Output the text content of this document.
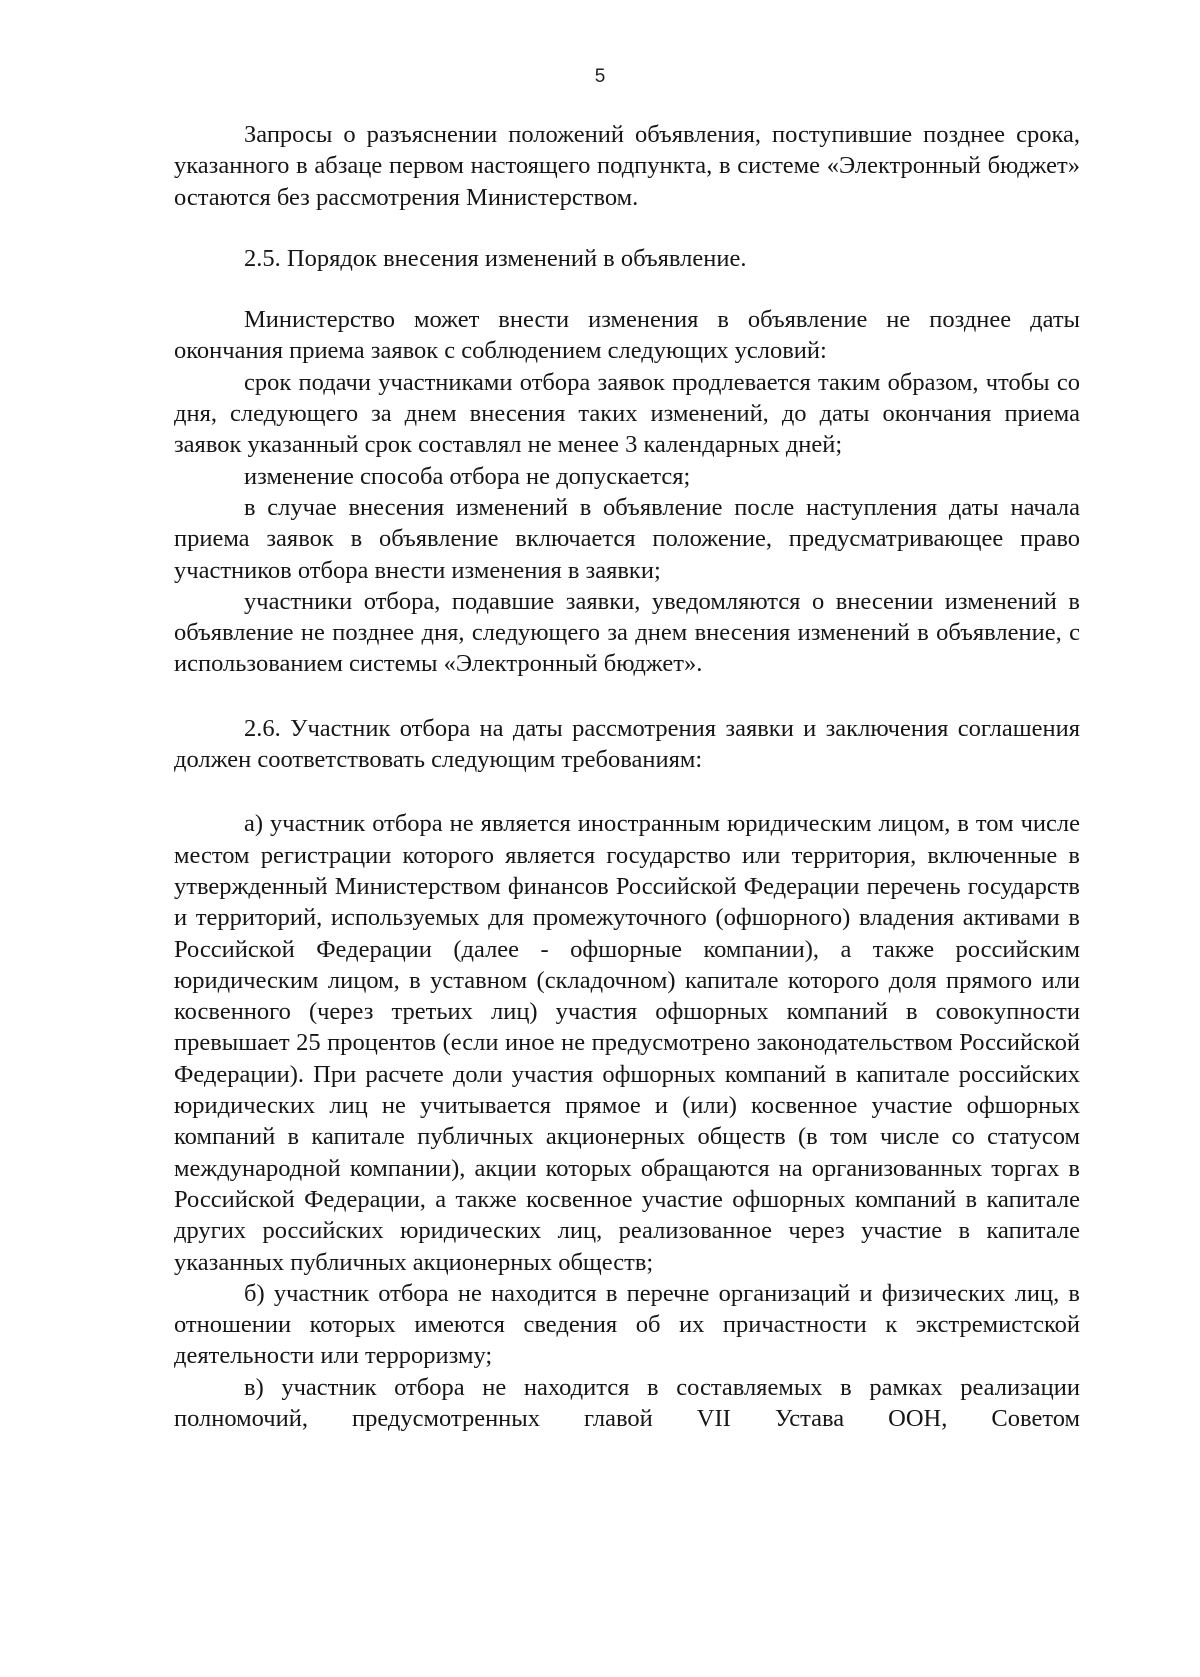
5

Запросы о разъяснении положений объявления, поступившие позднее срока, указанного в абзаце первом настоящего подпункта, в системе «Электронный бюджет» остаются без рассмотрения Министерством.

2.5. Порядок внесения изменений в объявление.

Министерство может внести изменения в объявление не позднее даты окончания приема заявок с соблюдением следующих условий:

срок подачи участниками отбора заявок продлевается таким образом, чтобы со дня, следующего за днем внесения таких изменений, до даты окончания приема заявок указанный срок составлял не менее 3 календарных дней;

изменение способа отбора не допускается;

в случае внесения изменений в объявление после наступления даты начала приема заявок в объявление включается положение, предусматривающее право участников отбора внести изменения в заявки;

участники отбора, подавшие заявки, уведомляются о внесении изменений в объявление не позднее дня, следующего за днем внесения изменений в объявление, с использованием системы «Электронный бюджет».

2.6. Участник отбора на даты рассмотрения заявки и заключения соглашения должен соответствовать следующим требованиям:

а) участник отбора не является иностранным юридическим лицом, в том числе местом регистрации которого является государство или территория, включенные в утвержденный Министерством финансов Российской Федерации перечень государств и территорий, используемых для промежуточного (офшорного) владения активами в Российской Федерации (далее - офшорные компании), а также российским юридическим лицом, в уставном (складочном) капитале которого доля прямого или косвенного (через третьих лиц) участия офшорных компаний в совокупности превышает 25 процентов (если иное не предусмотрено законодательством Российской Федерации). При расчете доли участия офшорных компаний в капитале российских юридических лиц не учитывается прямое и (или) косвенное участие офшорных компаний в капитале публичных акционерных обществ (в том числе со статусом международной компании), акции которых обращаются на организованных торгах в Российской Федерации, а также косвенное участие офшорных компаний в капитале других российских юридических лиц, реализованное через участие в капитале указанных публичных акционерных обществ;

б) участник отбора не находится в перечне организаций и физических лиц, в отношении которых имеются сведения об их причастности к экстремистской деятельности или терроризму;

в) участник отбора не находится в составляемых в рамках реализации полномочий, предусмотренных главой VII Устава ООН, Советом
